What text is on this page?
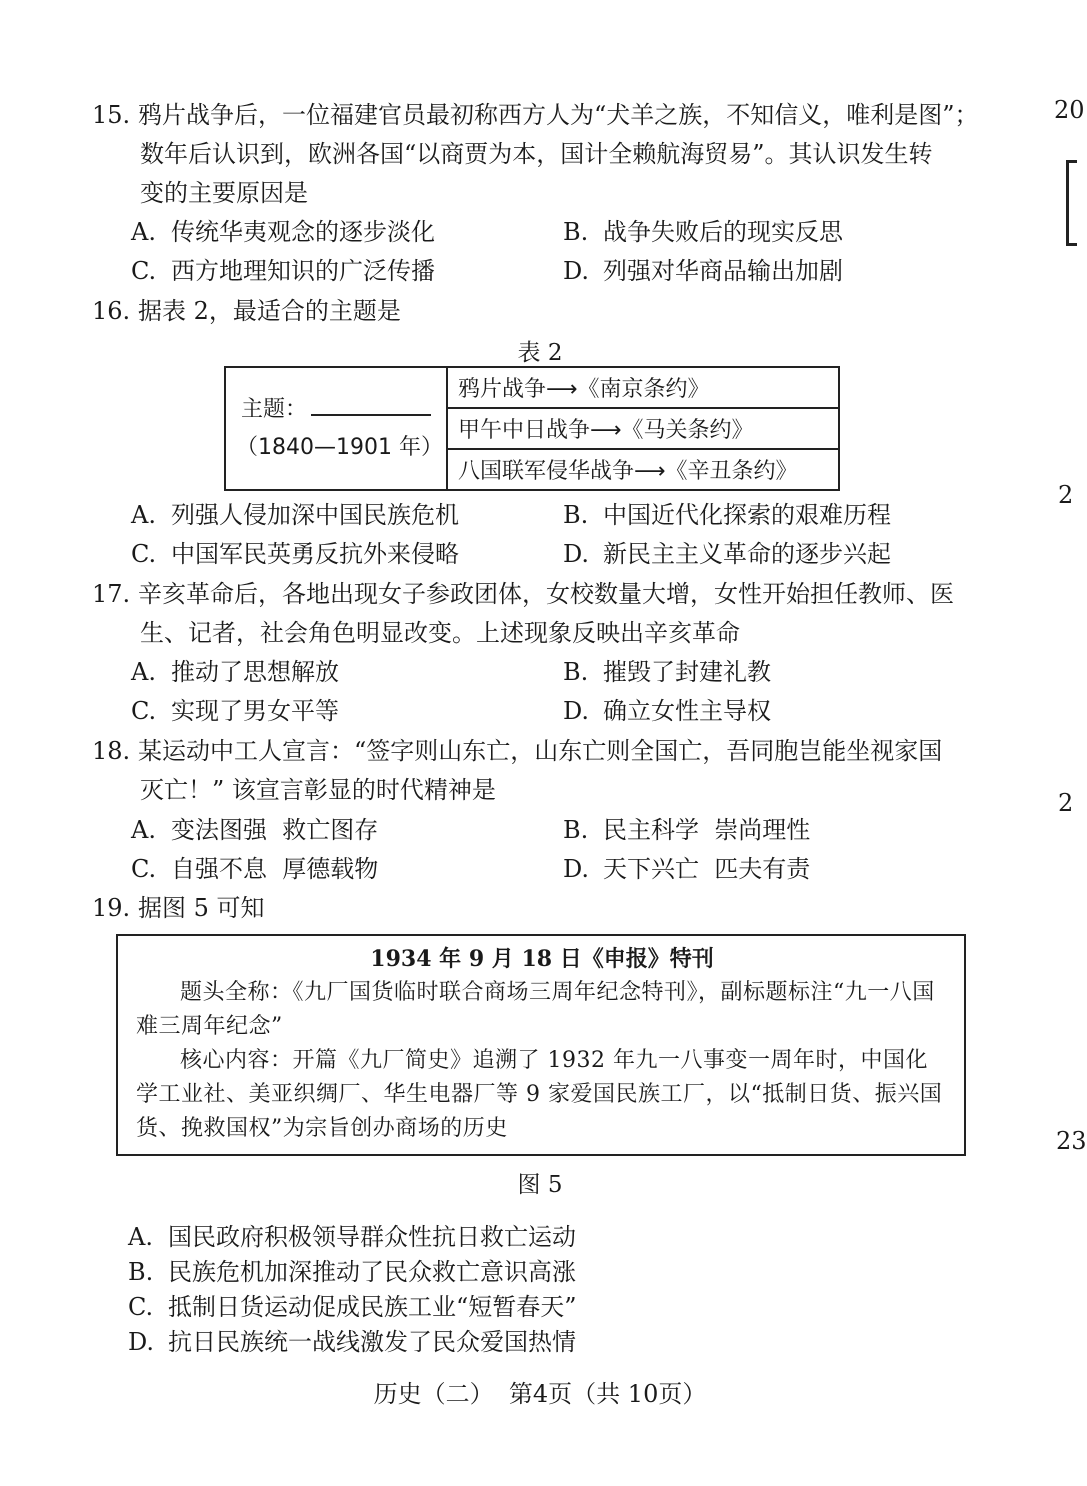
15. 鸦片战争后，一位福建官员最初称西方人为“犬羊之族，不知信义，唯利是图”；
数年后认识到，欧洲各国“以商贾为本，国计全赖航海贸易”。其认识发生转
变的主要原因是
A. 传统华夷观念的逐步淡化	B. 战争失败后的现实反思
C. 西方地理知识的广泛传播	D. 列强对华商品输出加剧
16. 据表 2，最适合的主题是
表 2
主题：
（1840—1901 年）
	鸦片战争⟶《南京条约》
甲午中日战争⟶《马关条约》
八国联军侵华战争⟶《辛丑条约》
A. 列强人侵加深中国民族危机	B. 中国近代化探索的艰难历程
C. 中国军民英勇反抗外来侵略	D. 新民主主义革命的逐步兴起
17. 辛亥革命后，各地出现女子参政团体，女校数量大增，女性开始担任教师、医
生、记者，社会角色明显改变。上述现象反映出辛亥革命
A. 推动了思想解放	B. 摧毁了封建礼教
C. 实现了男女平等	D. 确立女性主导权
18. 某运动中工人宣言：“签字则山东亡，山东亡则全国亡，吾同胞岂能坐视家国
灭亡！” 该宣言彰显的时代精神是
A. 变法图强  救亡图存	B. 民主科学  崇尚理性
C. 自强不息  厚德载物	D. 天下兴亡  匹夫有责
19. 据图 5 可知
1934 年 9 月 18 日《申报》特刊

题头全称：《九厂国货临时联合商场三周年纪念特刊》，副标题标注“九一八国难三周年纪念”

核心内容：开篇《九厂简史》追溯了 1932 年九一八事变一周年时，中国化学工业社、美亚织绸厂、华生电器厂等 9 家爱国民族工厂，以“抵制日货、振兴国货、挽救国权”为宗旨创办商场的历史

图 5
A. 国民政府积极领导群众性抗日救亡运动
B. 民族危机加深推动了民众救亡意识高涨
C. 抵制日货运动促成民族工业“短暂春天”
D. 抗日民族统一战线激发了民众爱国热情
历史（二）  第4页（共 10页）
20
2
2
23
